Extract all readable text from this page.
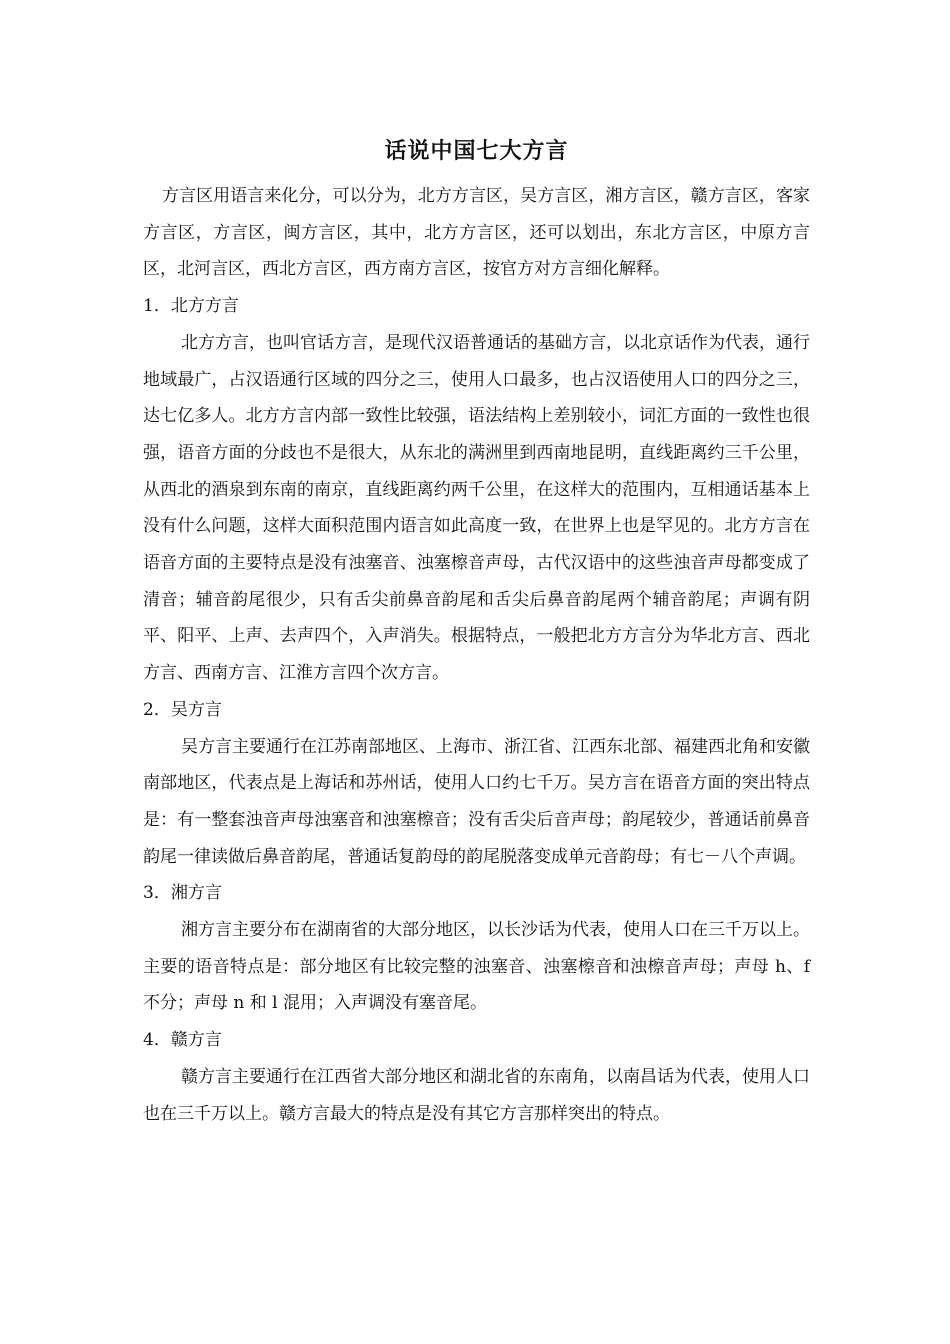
话说中国七大方言

方言区用语言来化分，可以分为，北方方言区，吴方言区，湘方言区，赣方言区，客家方言区，方言区，闽方言区，其中，北方方言区，还可以划出，东北方言区，中原方言区，北河言区，西北方言区，西方南方言区，按官方对方言细化解释。

1．北方方言

北方方言，也叫官话方言，是现代汉语普通话的基础方言，以北京话作为代表，通行地域最广，占汉语通行区域的四分之三，使用人口最多，也占汉语使用人口的四分之三，达七亿多人。北方方言内部一致性比较强，语法结构上差别较小，词汇方面的一致性也很强，语音方面的分歧也不是很大，从东北的满洲里到西南地昆明，直线距离约三千公里，从西北的酒泉到东南的南京，直线距离约两千公里，在这样大的范围内，互相通话基本上没有什么问题，这样大面积范围内语言如此高度一致，在世界上也是罕见的。北方方言在语音方面的主要特点是没有浊塞音、浊塞檫音声母，古代汉语中的这些浊音声母都变成了清音；辅音韵尾很少，只有舌尖前鼻音韵尾和舌尖后鼻音韵尾两个辅音韵尾；声调有阴平、阳平、上声、去声四个，入声消失。根据特点，一般把北方方言分为华北方言、西北方言、西南方言、江淮方言四个次方言。

2．吴方言

吴方言主要通行在江苏南部地区、上海市、浙江省、江西东北部、福建西北角和安徽南部地区，代表点是上海话和苏州话，使用人口约七千万。吴方言在语音方面的突出特点是：有一整套浊音声母浊塞音和浊塞檫音；没有舌尖后音声母；韵尾较少，普通话前鼻音韵尾一律读做后鼻音韵尾，普通话复韵母的韵尾脱落变成单元音韵母；有七－八个声调。

3．湘方言

湘方言主要分布在湖南省的大部分地区，以长沙话为代表，使用人口在三千万以上。主要的语音特点是：部分地区有比较完整的浊塞音、浊塞檫音和浊檫音声母；声母 h、f 不分；声母 n 和 l 混用；入声调没有塞音尾。

4．赣方言

赣方言主要通行在江西省大部分地区和湖北省的东南角，以南昌话为代表，使用人口也在三千万以上。赣方言最大的特点是没有其它方言那样突出的特点。
